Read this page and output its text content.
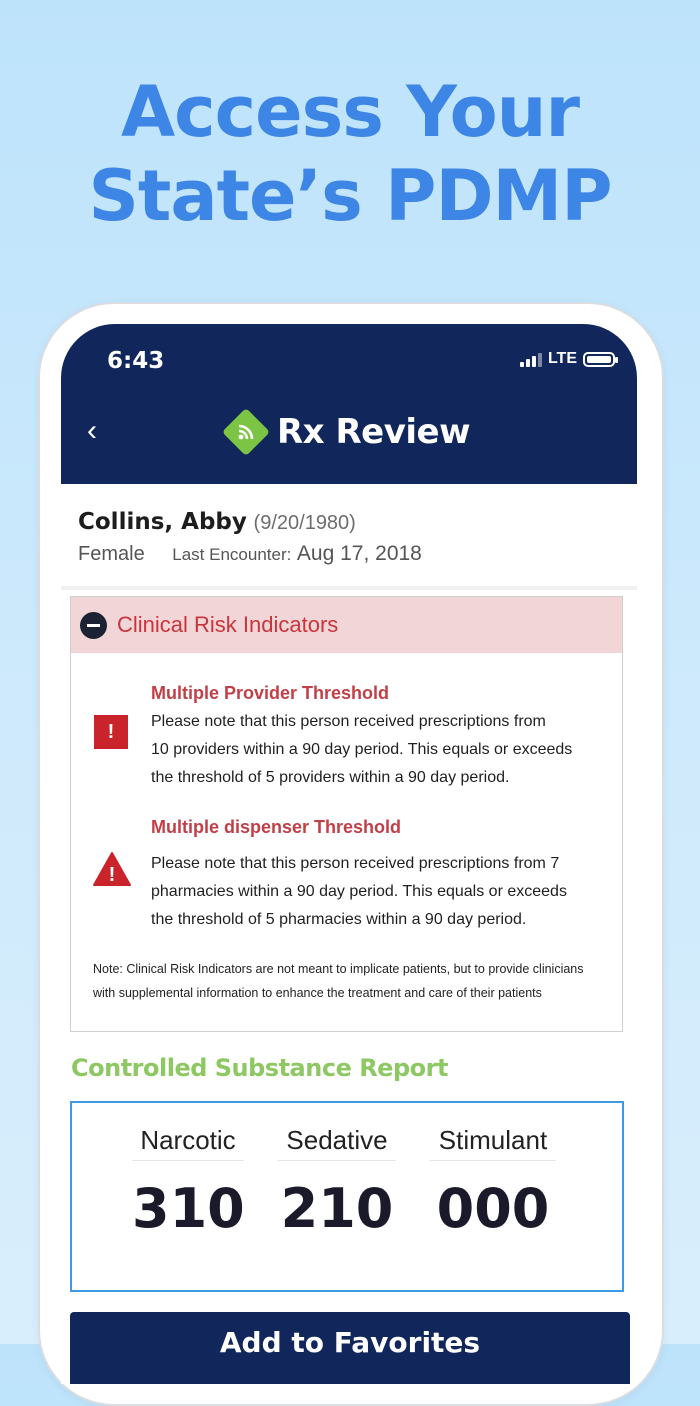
Access Your
State’s PDMP
6:43	LTE
‹	Rx Review
Collins, Abby (9/20/1980)
Female Last Encounter: Aug 17, 2018
Clinical Risk Indicators
!
Multiple Provider Threshold
Please note that this person received prescriptions from
10 providers within a 90 day period. This equals or exceeds
the threshold of 5 providers within a 90 day period.
!
Multiple dispenser Threshold
Please note that this person received prescriptions from 7
pharmacies within a 90 day period. This equals or exceeds
the threshold of 5 pharmacies within a 90 day period.
Note: Clinical Risk Indicators are not meant to implicate patients, but to provide clinicians
with supplemental information to enhance the treatment and care of their patients
Controlled Substance Report
Narcotic
310
Sedative
210
Stimulant
000
Add to Favorites
